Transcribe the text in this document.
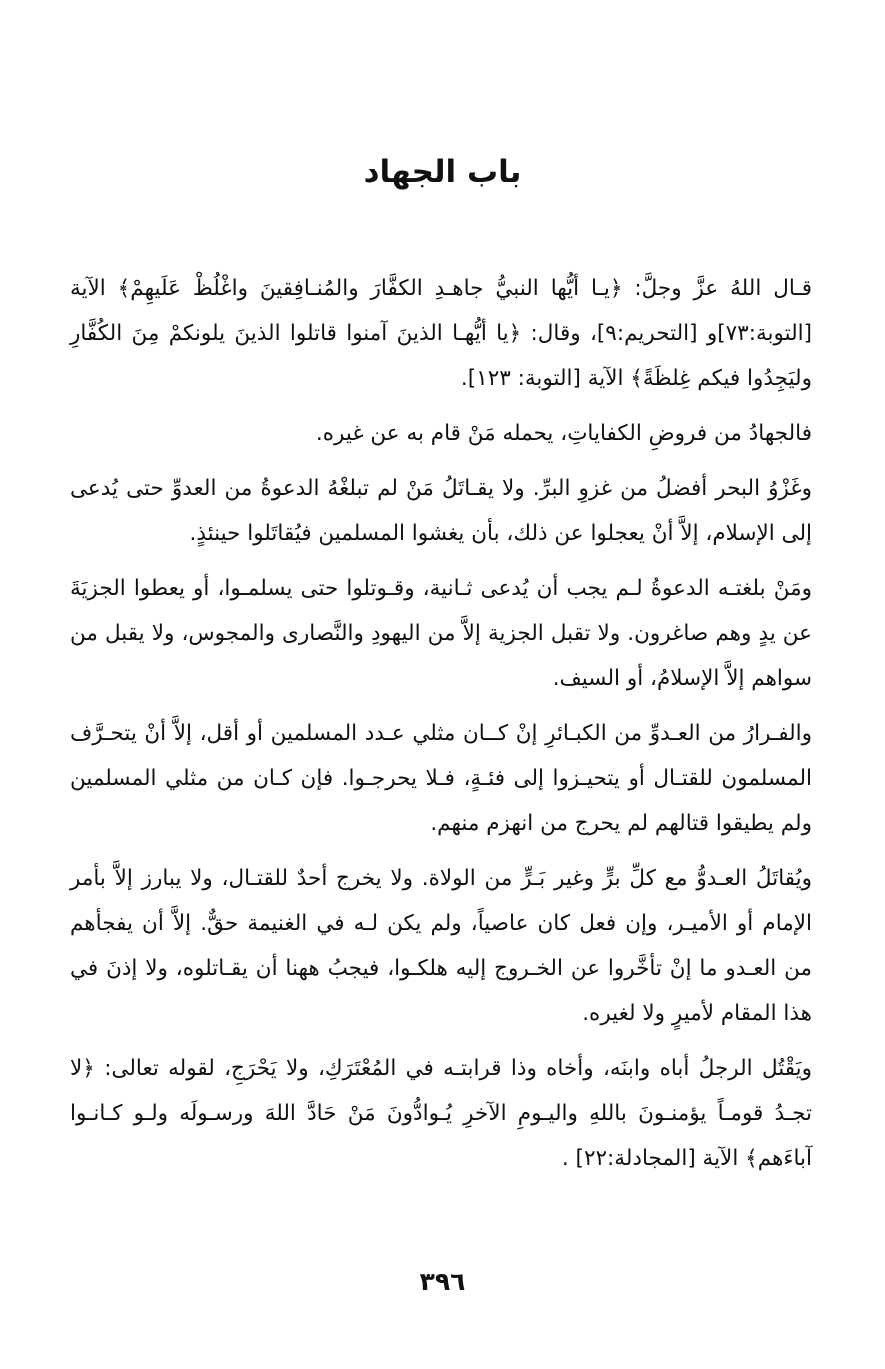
باب الجهاد

قـال اللهُ عزَّ وجلَّ: ﴿يـا أيُّها النبيُّ جاهـدِ الكفَّارَ والمُنـافِقينَ واغْلُظْ عَلَيهِمْ﴾ الآية [التوبة:٧٣]و [التحريم:٩]، وقال: ﴿يا أيُّهـا الذينَ آمنوا قاتلوا الذينَ يلونكمْ مِنَ الكُفَّارِ وليَجِدُوا فيكم غِلظَةً﴾ الآية [التوبة: ١٢٣].

فالجهادُ من فروضِ الكفاياتِ، يحمله مَنْ قام به عن غيره.

وغَزْوُ البحر أفضلُ من غزوِ البرِّ. ولا يقـاتَلُ مَنْ لم تبلغْهُ الدعوةُ من العدوِّ حتى يُدعى إلى الإسلام، إلاَّ أنْ يعجلوا عن ذلك، بأن يغشوا المسلمين فيُقاتَلوا حينئذٍ.

ومَنْ بلغتـه الدعوةُ لـم يجب أن يُدعى ثـانية، وقـوتلوا حتى يسلمـوا، أو يعطوا الجزيَةَ عن يدٍ وهم صاغرون. ولا تقبل الجزية إلاَّ من اليهودِ والنَّصارى والمجوس، ولا يقبل من سواهم إلاَّ الإسلامُ، أو السيف.

والفـرارُ من العـدوِّ من الكبـائرِ إنْ كــان مثلي عـدد المسلمين أو أقل، إلاَّ أنْ يتحـرَّف المسلمون للقتـال أو يتحيـزوا إلى فئـةٍ، فـلا يحرجـوا. فإن كـان من مثلي المسلمين ولم يطيقوا قتالهم لم يحرج من انهزم منهم.

ويُقاتَلُ العـدوُّ مع كلِّ برٍّ وغير بَـرٍّ من الولاة. ولا يخرج أحدٌ للقتـال، ولا يبارز إلاَّ بأمر الإمام أو الأميـر، وإن فعل كان عاصياً، ولم يكن لـه في الغنيمة حقٌّ. إلاَّ أن يفجأهم من العـدو ما إنْ تأخَّروا عن الخـروج إليه هلكـوا، فيجبُ ههنا أن يقـاتلوه، ولا إذنَ في هذا المقام لأميرٍ ولا لغيره.

ويَقْتُل الرجلُ أباه وابنَه، وأخاه وذا قرابتـه في المُعْتَرَكِ، ولا يَحْرَجِ، لقوله تعالى: ﴿لا تجـدُ قومـاً يؤمنـونَ باللهِ واليـومِ الآخرِ يُـوادُّونَ مَنْ حَادَّ اللهَ ورسـولَه ولـو كـانـوا آباءَهم﴾ الآية [المجادلة:٢٢] .

٣٩٦
